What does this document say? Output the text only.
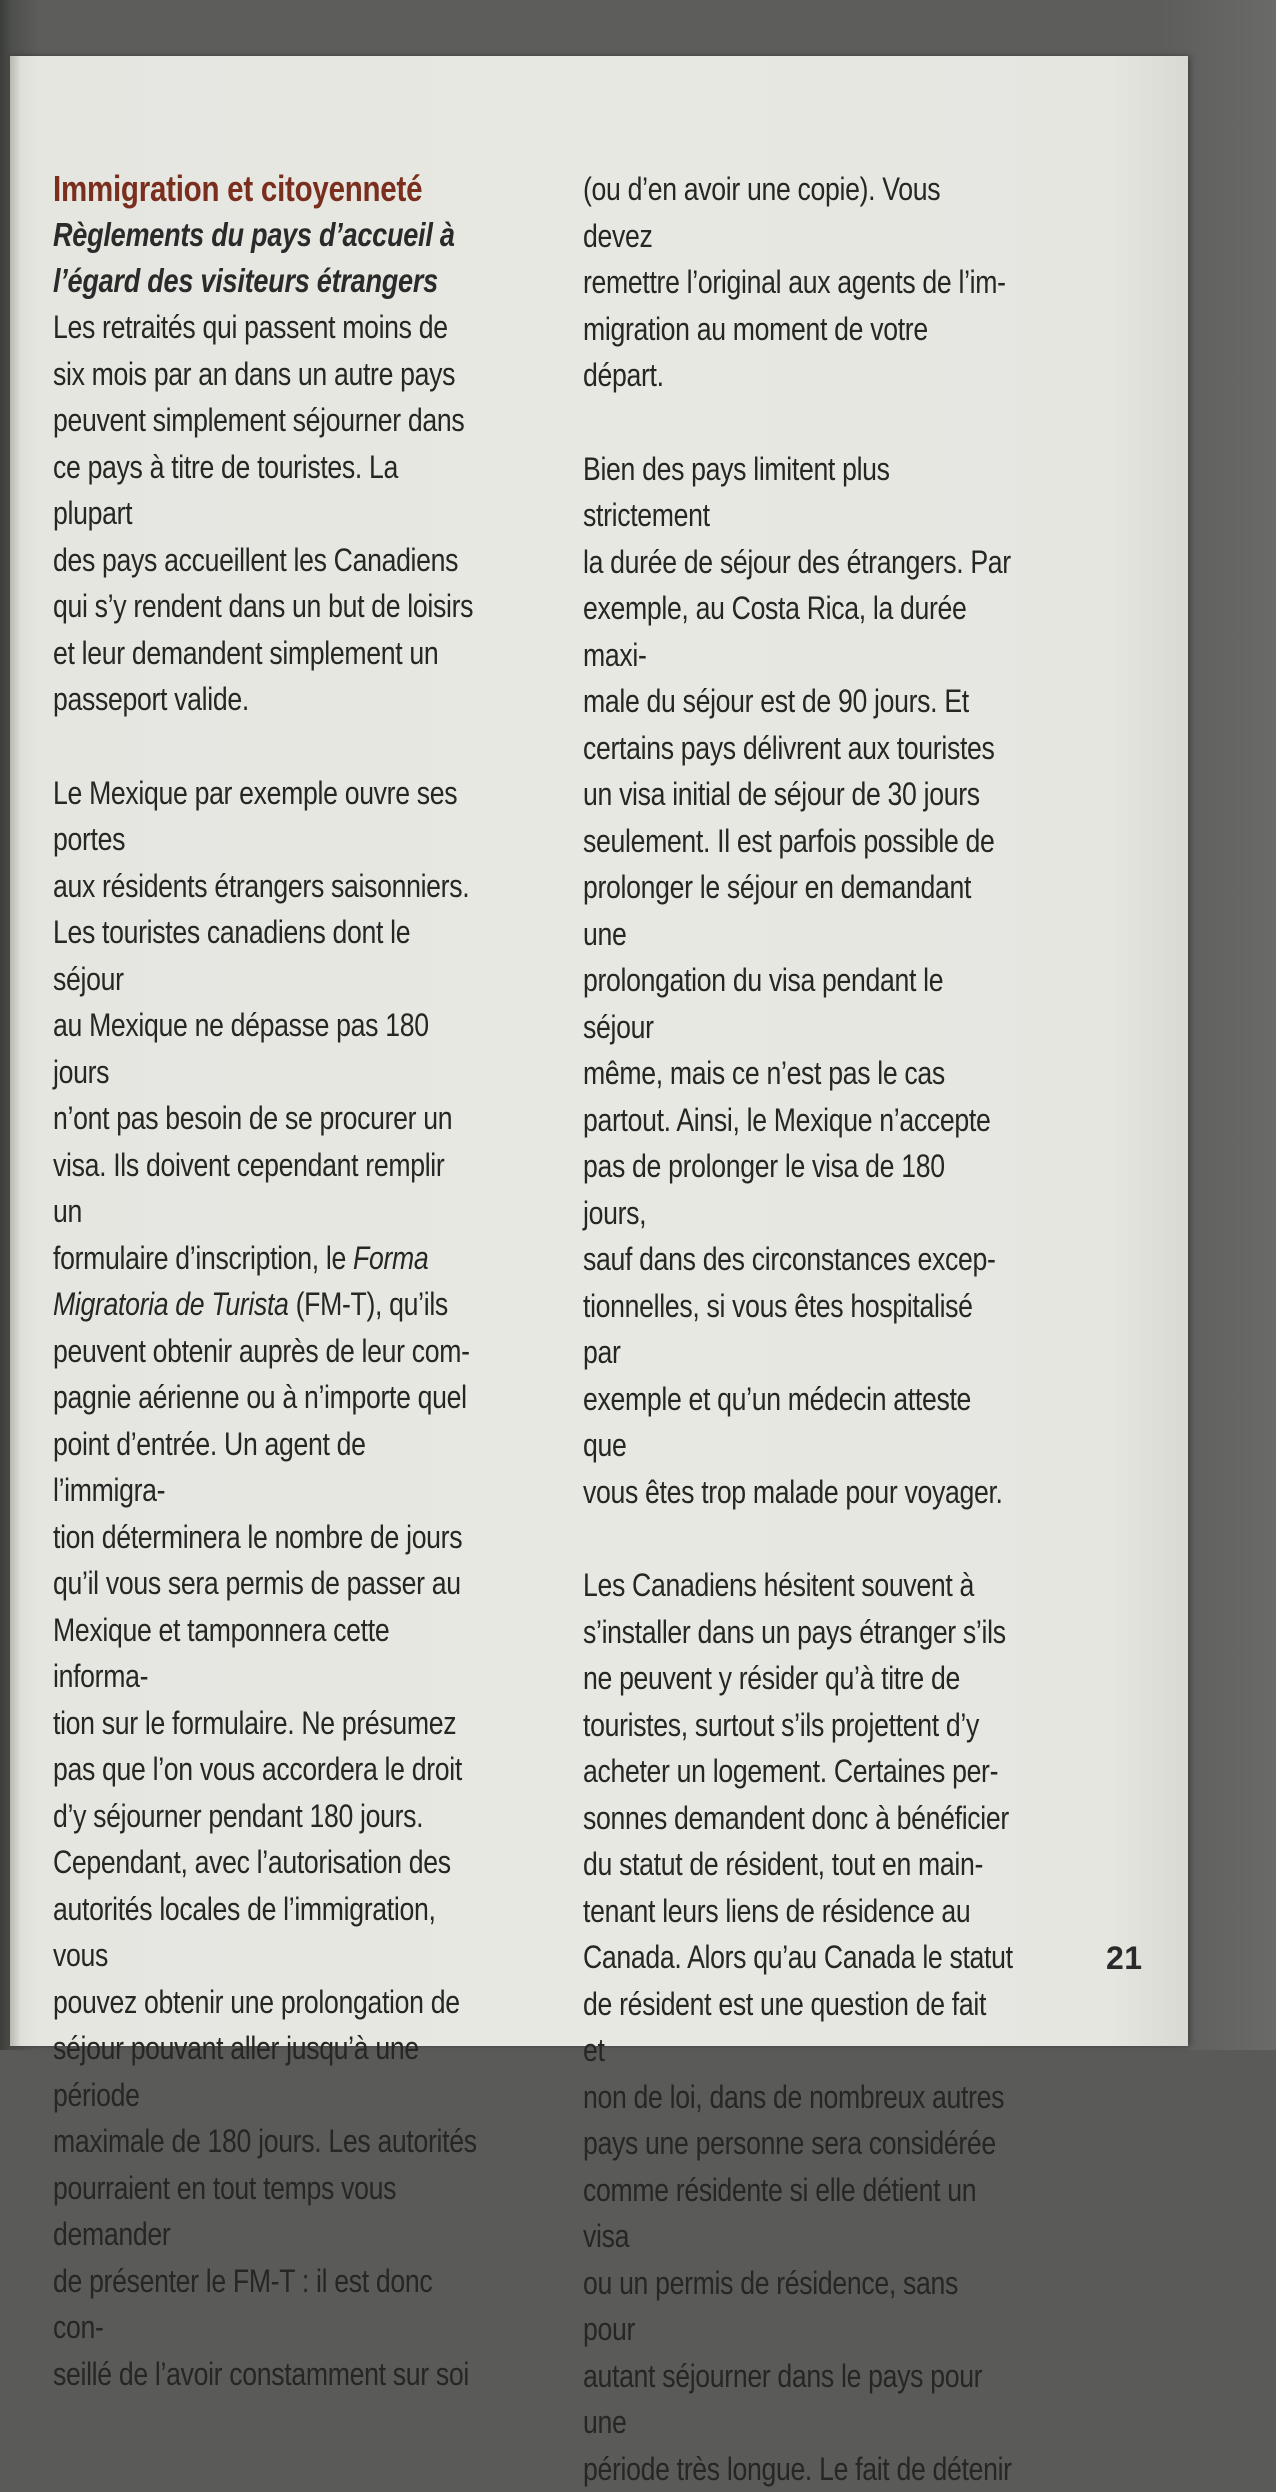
Immigration et citoyenneté
Règlements du pays d’accueil à
l’égard des visiteurs étrangers

Les retraités qui passent moins de
six mois par an dans un autre pays
peuvent simplement séjourner dans
ce pays à titre de touristes. La plupart
des pays accueillent les Canadiens
qui s’y rendent dans un but de loisirs
et leur demandent simplement un
passeport valide.

Le Mexique par exemple ouvre ses portes
aux résidents étrangers saisonniers.
Les touristes canadiens dont le séjour
au Mexique ne dépasse pas 180 jours
n’ont pas besoin de se procurer un
visa. Ils doivent cependant remplir un
formulaire d’inscription, le Forma
Migratoria de Turista (FM-T), qu’ils
peuvent obtenir auprès de leur com-
pagnie aérienne ou à n’importe quel
point d’entrée. Un agent de l’immigra-
tion déterminera le nombre de jours
qu’il vous sera permis de passer au
Mexique et tamponnera cette informa-
tion sur le formulaire. Ne présumez
pas que l’on vous accordera le droit
d’y séjourner pendant 180 jours.
Cependant, avec l’autorisation des
autorités locales de l’immigration, vous
pouvez obtenir une prolongation de
séjour pouvant aller jusqu’à une période
maximale de 180 jours. Les autorités
pourraient en tout temps vous demander
de présenter le FM-T : il est donc con-
seillé de l’avoir constamment sur soi

(ou d’en avoir une copie). Vous devez
remettre l’original aux agents de l’im-
migration au moment de votre départ.

Bien des pays limitent plus strictement
la durée de séjour des étrangers. Par
exemple, au Costa Rica, la durée maxi-
male du séjour est de 90 jours. Et
certains pays délivrent aux touristes
un visa initial de séjour de 30 jours
seulement. Il est parfois possible de
prolonger le séjour en demandant une
prolongation du visa pendant le séjour
même, mais ce n’est pas le cas
partout. Ainsi, le Mexique n’accepte
pas de prolonger le visa de 180 jours,
sauf dans des circonstances excep-
tionnelles, si vous êtes hospitalisé par
exemple et qu’un médecin atteste que
vous êtes trop malade pour voyager.

Les Canadiens hésitent souvent à
s’installer dans un pays étranger s’ils
ne peuvent y résider qu’à titre de
touristes, surtout s’ils projettent d’y
acheter un logement. Certaines per-
sonnes demandent donc à bénéficier
du statut de résident, tout en main-
tenant leurs liens de résidence au
Canada. Alors qu’au Canada le statut
de résident est une question de fait et
non de loi, dans de nombreux autres
pays une personne sera considérée
comme résidente si elle détient un visa
ou un permis de résidence, sans pour
autant séjourner dans le pays pour une
période très longue. Le fait de détenir

21
